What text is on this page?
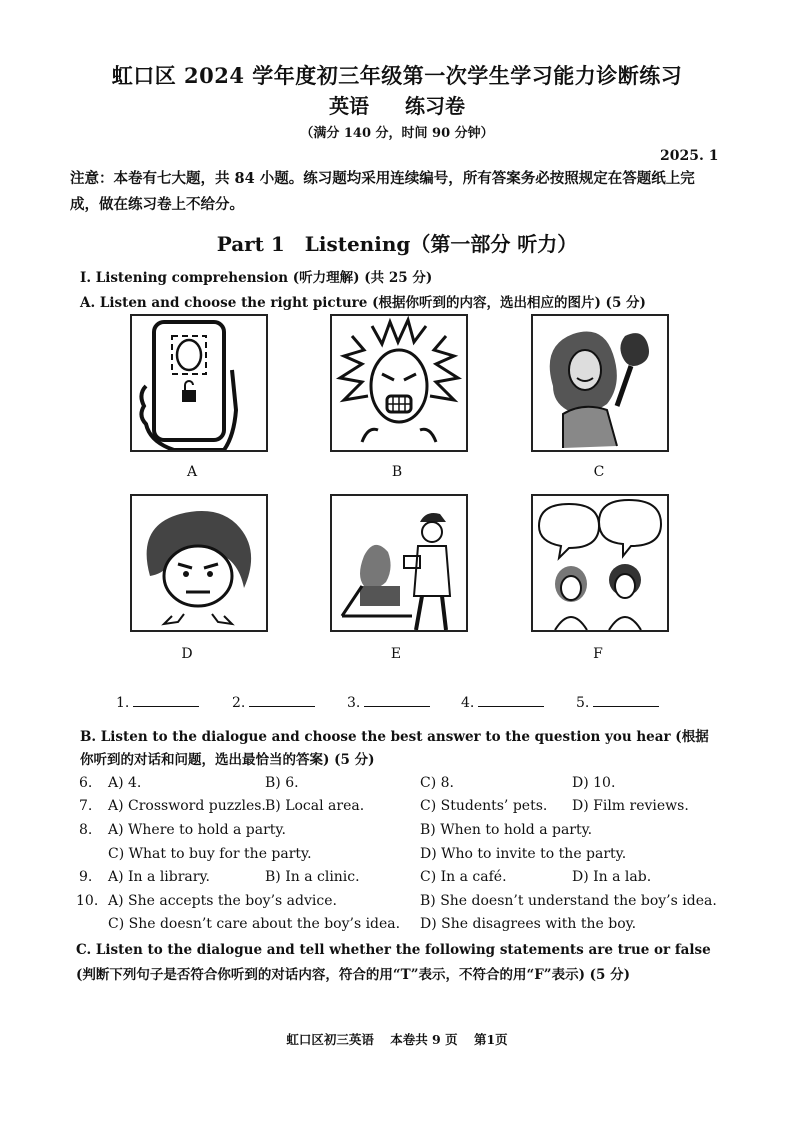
虹口区 2024 学年度初三年级第一次学生学习能力诊断练习
英语 练习卷
（满分 140 分，时间 90 分钟）
2025. 1
注意：本卷有七大题，共 84 小题。练习题均采用连续编号，所有答案务必按照规定在答题纸上完成，做在练习卷上不给分。
Part 1　Listening（第一部分 听力）
I. Listening comprehension (听力理解) (共 25 分)
A. Listen and choose the right picture (根据你听到的内容，选出相应的图片) (5 分)
A	B	C
D	E	F
1.	2.	3.	4.	5.
B. Listen to the dialogue and choose the best answer to the question you hear (根据你听到的对话和问题，选出最恰当的答案) (5 分)
6. A) 4.	B) 6.	C) 8.	D) 10.
7. A) Crossword puzzles. B) Local area.	C) Students’ pets. D) Film reviews.
8. A) Where to hold a party.	B) When to hold a party.
C) What to buy for the party.	D) Who to invite to the party.
9. A) In a library.	B) In a clinic.	C) In a café.	D) In a lab.
10. A) She accepts the boy’s advice.	B) She doesn’t understand the boy’s idea.
C) She doesn’t care about the boy’s idea. D) She disagrees with the boy.
C. Listen to the dialogue and tell whether the following statements are true or false (判断下列句子是否符合你听到的对话内容，符合的用“T”表示，不符合的用“F”表示) (5 分)
虹口区初三英语 本卷共 9 页 第1页
